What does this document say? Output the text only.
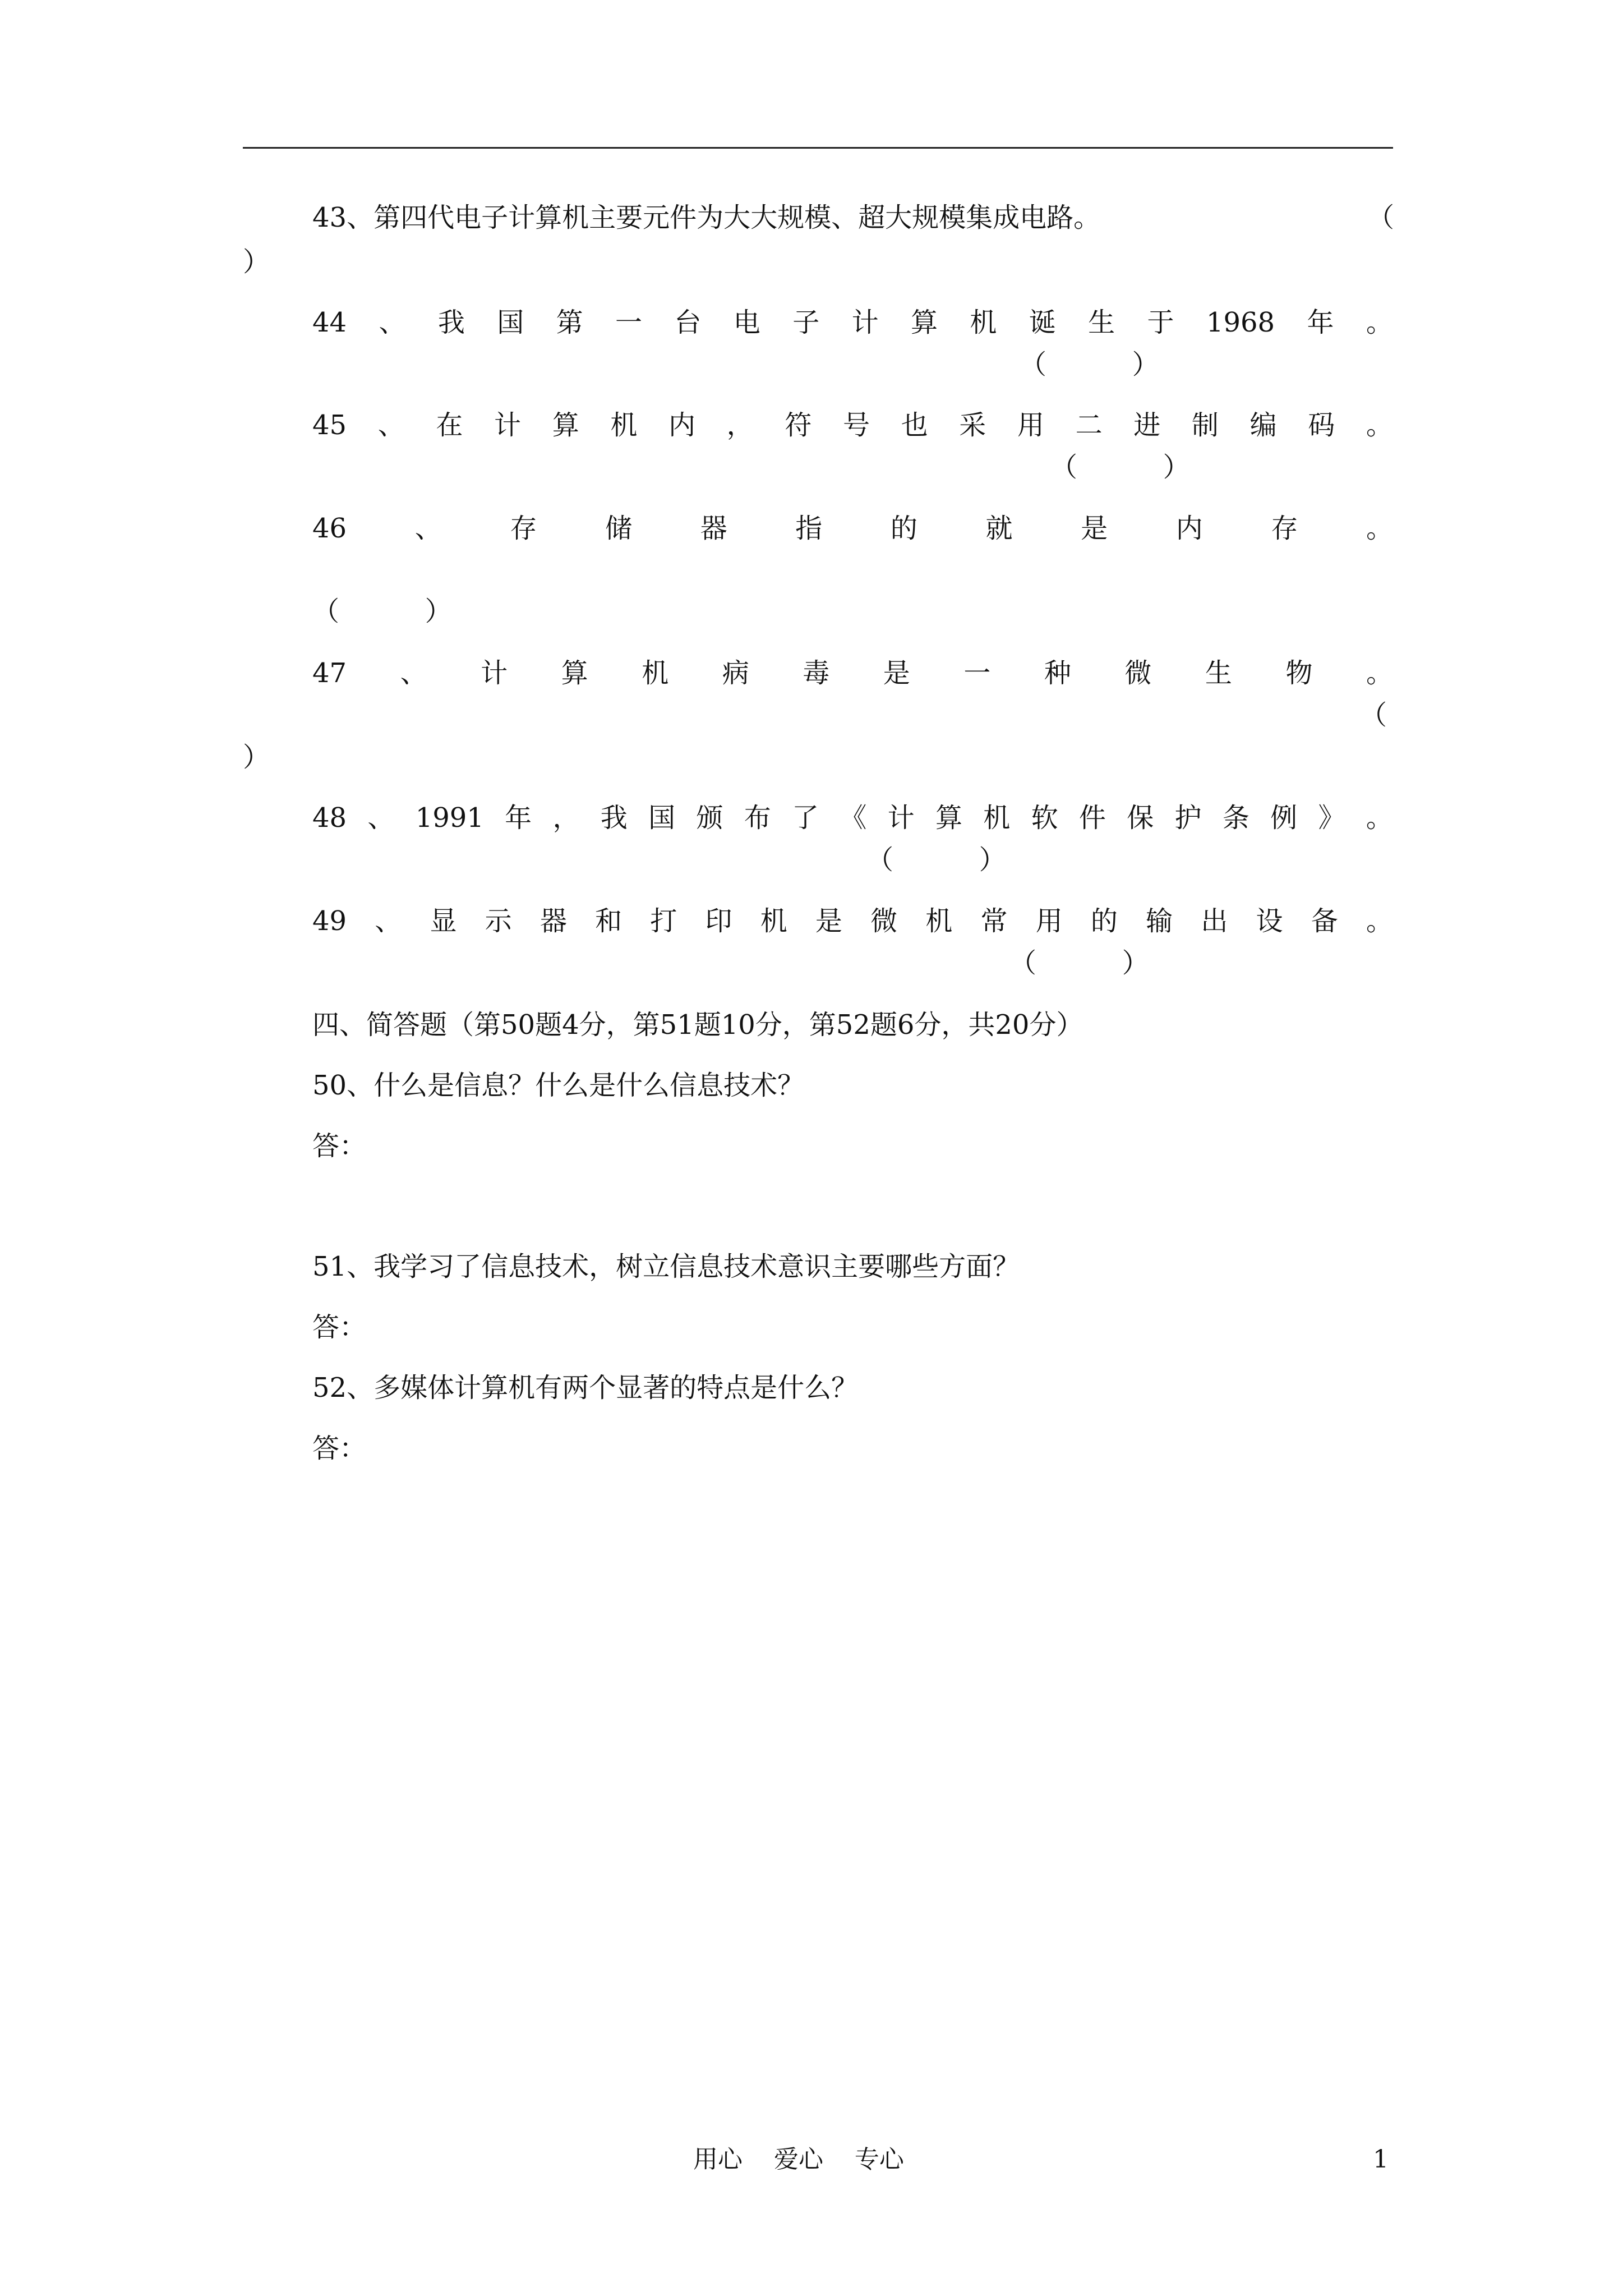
43、第四代电子计算机主要元件为大大规模、超大规模集成电路。	（
）
44 、 我 国 第 一 台 电 子 计 算 机 诞 生 于 1968 年 。
（          ）
45 、 在 计 算 机 内 ， 符 号 也 采 用 二 进 制 编 码 。
（          ）
46	、	存	储	器	指	的	就	是	内	存	。
（          ）
47 、 计 算 机 病 毒 是 一 种 微 生 物 。
（
）
48 、 1991 年 ， 我 国 颁 布 了 《 计 算 机 软 件 保 护 条 例 》 。
（          ）
49 、 显 示 器 和 打 印 机 是 微 机 常 用 的 输 出 设 备 。
（          ）
四、简答题（第50题4分，第51题10分，第52题6分，共20分）
50、什么是信息？什么是什么信息技术？
答：
51、我学习了信息技术，树立信息技术意识主要哪些方面？
答：
52、多媒体计算机有两个显著的特点是什么？
答：
用心    爱心    专心	1
